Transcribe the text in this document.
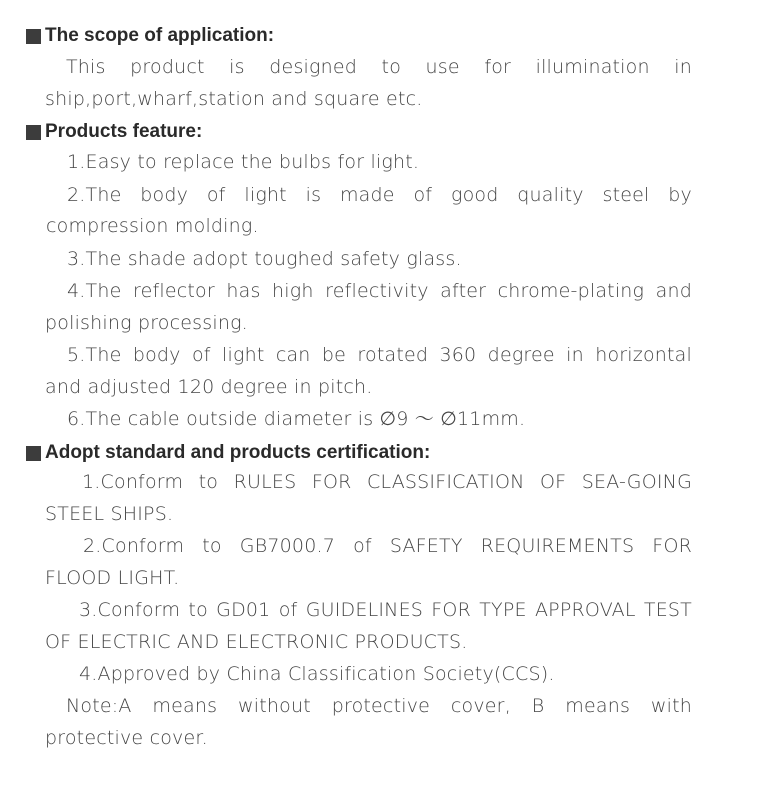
The scope of application:
This product is designed to use for illumination in
ship,port,wharf,station and square etc.
Products feature:
1.Easy to replace the bulbs for light.
2.The body of light is made of good quality steel by
compression molding.
3.The shade adopt toughed safety glass.
4.The reflector has high reflectivity after chrome-plating and
polishing processing.
5.The body of light can be rotated 360 degree in horizontal
and adjusted 120 degree in pitch.
6.The cable outside diameter is ∅9 ～ ∅11mm.
Adopt standard and products certification:
1.Conform to RULES FOR CLASSIFICATION OF SEA-GOING
STEEL SHIPS.
2.Conform to GB7000.7 of SAFETY REQUIREMENTS FOR
FLOOD LIGHT.
3.Conform to GD01 of GUIDELINES FOR TYPE APPROVAL TEST
OF ELECTRIC AND ELECTRONIC PRODUCTS.
4.Approved by China Classification Society(CCS).
Note:A means without protective cover, B means with
protective cover.
